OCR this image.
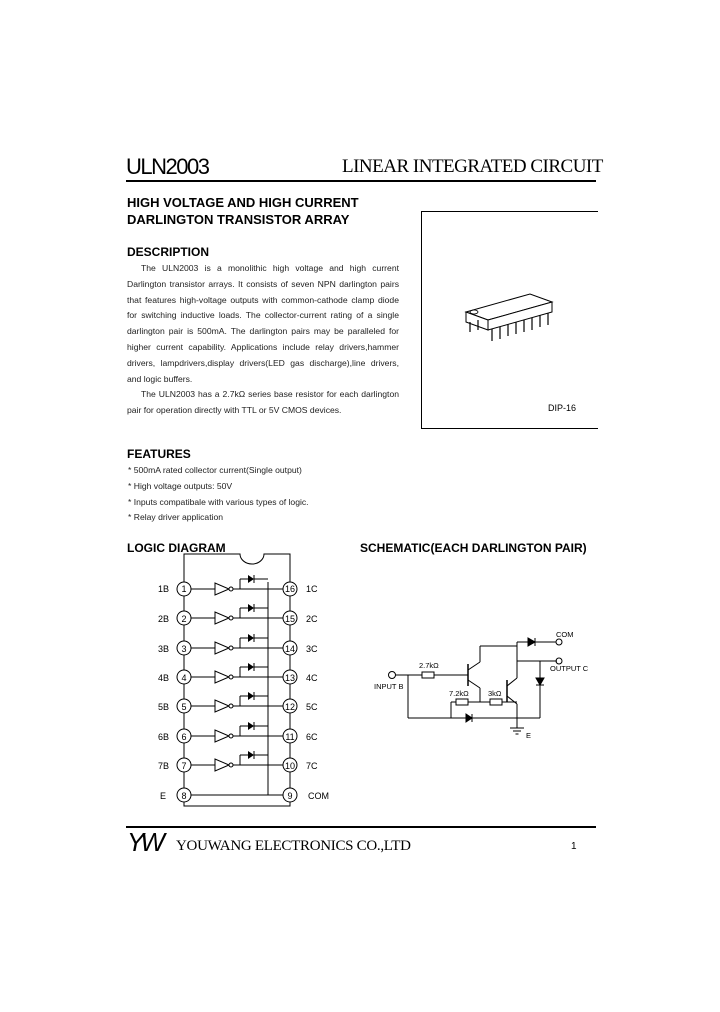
ULN2003	LINEAR INTEGRATED CIRCUIT
HIGH VOLTAGE AND HIGH CURRENT
DARLINGTON TRANSISTOR ARRAY
DESCRIPTION

The ULN2003 is a monolithic high voltage and high current Darlington transistor arrays. It consists of seven NPN darlington pairs that features high-voltage outputs with common-cathode clamp diode for switching inductive loads. The collector-current rating of a single darlington pair is 500mA. The darlington pairs may be paralleled for higher current capability. Applications include relay drivers,hammer drivers, lampdrivers,display drivers(LED gas discharge),line drivers, and logic buffers.

The ULN2003 has a 2.7kΩ series base resistor for each darlington pair for operation directly with TTL or 5V CMOS devices.	DIP-16
FEATURES
* 500mA rated collector current(Single output)
* High voltage outputs: 50V
* Inputs compatibale with various types of logic.
* Relay driver application
LOGIC DIAGRAM
1B
2B
3B
4B
5B
6B
7B
E
1C
2C
3C
4C
5C
6C
7C
COM
1
2
3
4
5
6
7
8
16
15
14
13
12
11
10
9
SCHEMATIC(EACH DARLINGTON PAIR)
2.7kΩ
7.2kΩ	3kΩ
INPUT B
COM
OUTPUT C
E
YW	YOUWANG ELECTRONICS CO.,LTD	1
